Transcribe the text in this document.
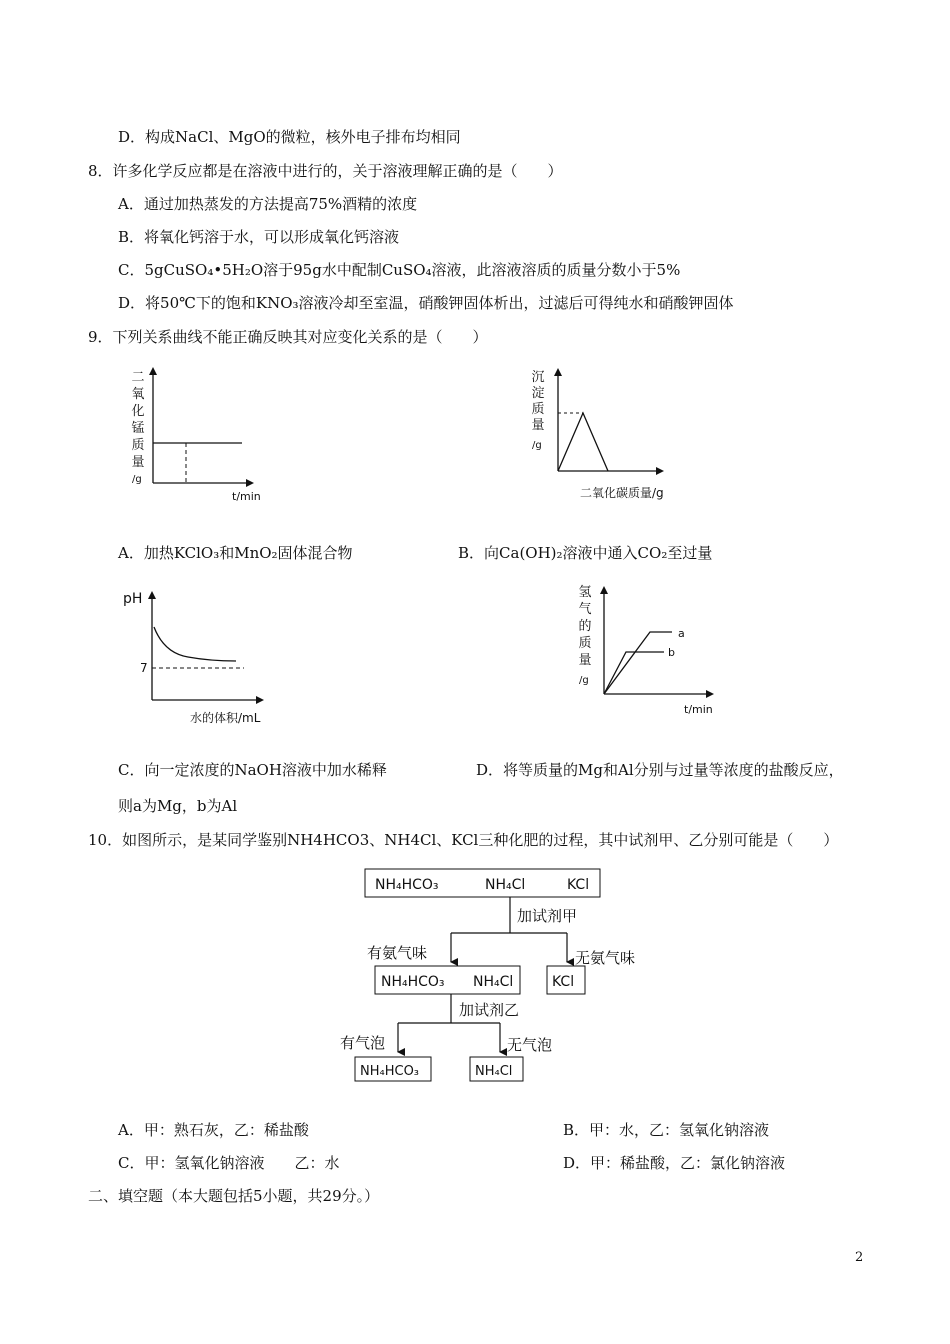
D．构成NaCl、MgO的微粒，核外电子排布均相同
8．许多化学反应都是在溶液中进行的，关于溶液理解正确的是（　　）
A．通过加热蒸发的方法提高75%酒精的浓度
B．将氧化钙溶于水，可以形成氧化钙溶液
C．5gCuSO₄•5H₂O溶于95g水中配制CuSO₄溶液，此溶液溶质的质量分数小于5%
D．将50℃下的饱和KNO₃溶液冷却至室温，硝酸钾固体析出，过滤后可得纯水和硝酸钾固体
9．下列关系曲线不能正确反映其对应变化关系的是（　　）
二
氧
化
锰
质
量
/g
t/min
沉
淀
质
量
/g
二氧化碳质量/g
A．加热KClO₃和MnO₂固体混合物	B．向Ca(OH)₂溶液中通入CO₂至过量
pH
7
水的体积/mL
a
b
氢
气
的
质
量
/g
t/min
C．向一定浓度的NaOH溶液中加水稀释	D．将等质量的Mg和Al分别与过量等浓度的盐酸反应，
则a为Mg，b为Al
10．如图所示，是某同学鉴别NH4HCO3、NH4Cl、KCl三种化肥的过程，其中试剂甲、乙分别可能是（　　）
NH₄HCO₃	NH₄Cl	KCl
加试剂甲
有氨气味	无氨气味
NH₄HCO₃ NH₄Cl	KCl
加试剂乙
有气泡	无气泡
NH₄HCO₃	NH₄Cl
A．甲：熟石灰，乙：稀盐酸	B．甲：水，乙：氢氧化钠溶液
C．甲：氢氧化钠溶液　　乙：水	D．甲：稀盐酸，乙：氯化钠溶液
二、填空题（本大题包括5小题，共29分。）
2
